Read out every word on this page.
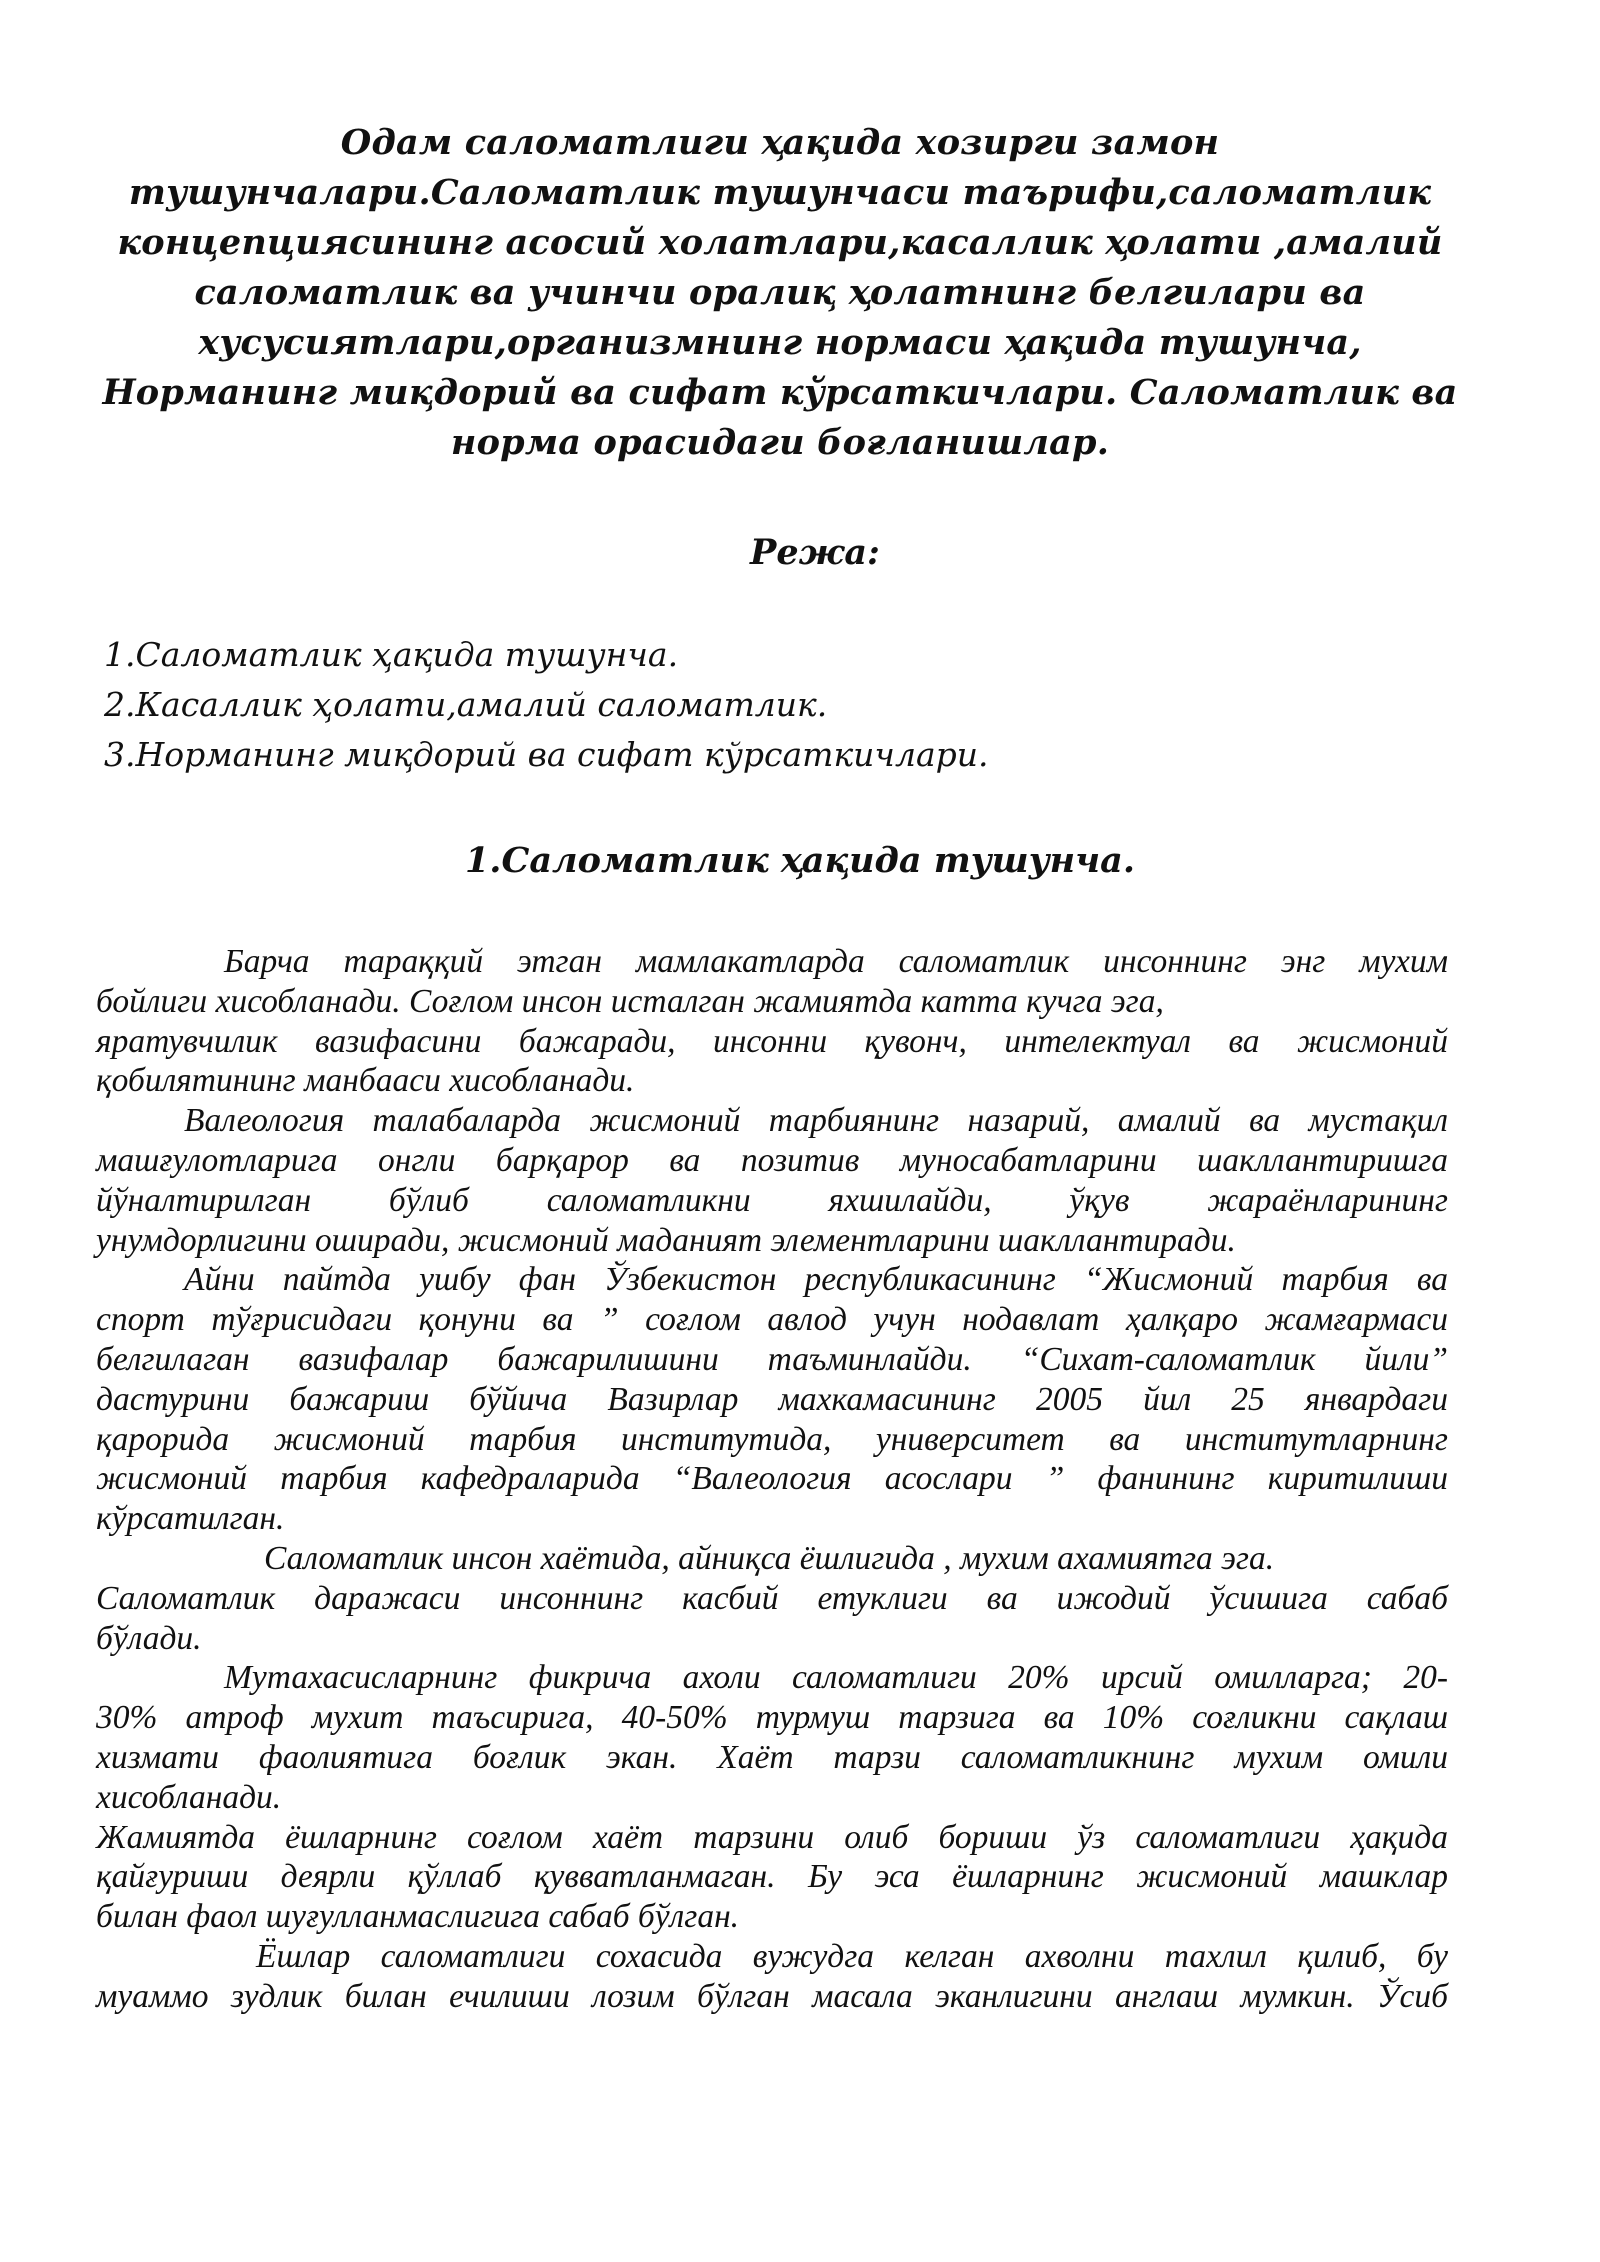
Одам саломатлиги ҳақида хозирги замон
тушунчалари.Саломатлик тушунчаси таърифи,саломатлик
концепциясининг асосий холатлари,касаллик ҳолати ,амалий
саломатлик ва учинчи оралиқ ҳолатнинг белгилари ва
хусусиятлари,организмнинг нормаси ҳақида тушунча,
Норманинг миқдорий ва сифат кўрсаткичлари. Саломатлик ва
норма орасидаги боғланишлар.
Режа:
1.Саломатлик ҳақида тушунча.
2.Касаллик ҳолати,амалий саломатлик.
3.Норманинг миқдорий ва сифат кўрсаткичлари.
1.Саломатлик ҳақида тушунча.
Барча тараққий этган мамлакатларда саломатлик инсоннинг энг мухим
бойлиги хисобланади. Соғлом инсон исталган жамиятда катта кучга эга,
яратувчилик вазифасини бажаради, инсонни қувонч, интелектуал ва жисмоний
қобилятининг манбааси хисобланади.
Валеология талабаларда жисмоний тарбиянинг назарий, амалий ва мустақил
машғулотларига онгли барқарор ва позитив муносабатларини шакллантиришга
йўналтирилган бўлиб саломатликни яхшилайди, ўқув жараёнларининг
унумдорлигини оширади, жисмоний маданият элементларини шакллантиради.
Айни пайтда ушбу фан Ўзбекистон республикасининг “Жисмоний тарбия ва
спорт тўғрисидаги қонуни ва ” соғлом авлод учун нодавлат ҳалқаро жамғармаси
белгилаган вазифалар бажарилишини таъминлайди. “Сихат-саломатлик йили”
дастурини бажариш бўйича Вазирлар махкамасининг 2005 йил 25 январдаги
қарорида жисмоний тарбия институтида, университет ва институтларнинг
жисмоний тарбия кафедраларида “Валеология асослари ” фанининг киритилиши
кўрсатилган.
Саломатлик инсон хаётида, айниқса ёшлигида , мухим ахамиятга эга.
Саломатлик даражаси инсоннинг касбий етуклиги ва ижодий ўсишига сабаб
бўлади.
Мутахасисларнинг фикрича ахоли саломатлиги 20% ирсий омилларга; 20-
30% атроф мухит таъсирига, 40-50% турмуш тарзига ва 10% соғликни сақлаш
хизмати фаолиятига боғлик экан. Хаёт тарзи саломатликнинг мухим омили
хисобланади.
Жамиятда ёшларнинг соғлом хаёт тарзини олиб бориши ўз саломатлиги ҳақида
қайғуриши деярли қўллаб қувватланмаган. Бу эса ёшларнинг жисмоний машклар
билан фаол шуғулланмаслигига сабаб бўлган.
Ёшлар саломатлиги сохасида вужудга келган ахволни тахлил қилиб, бу
муаммо зудлик билан ечилиши лозим бўлган масала эканлигини англаш мумкин. Ўсиб
